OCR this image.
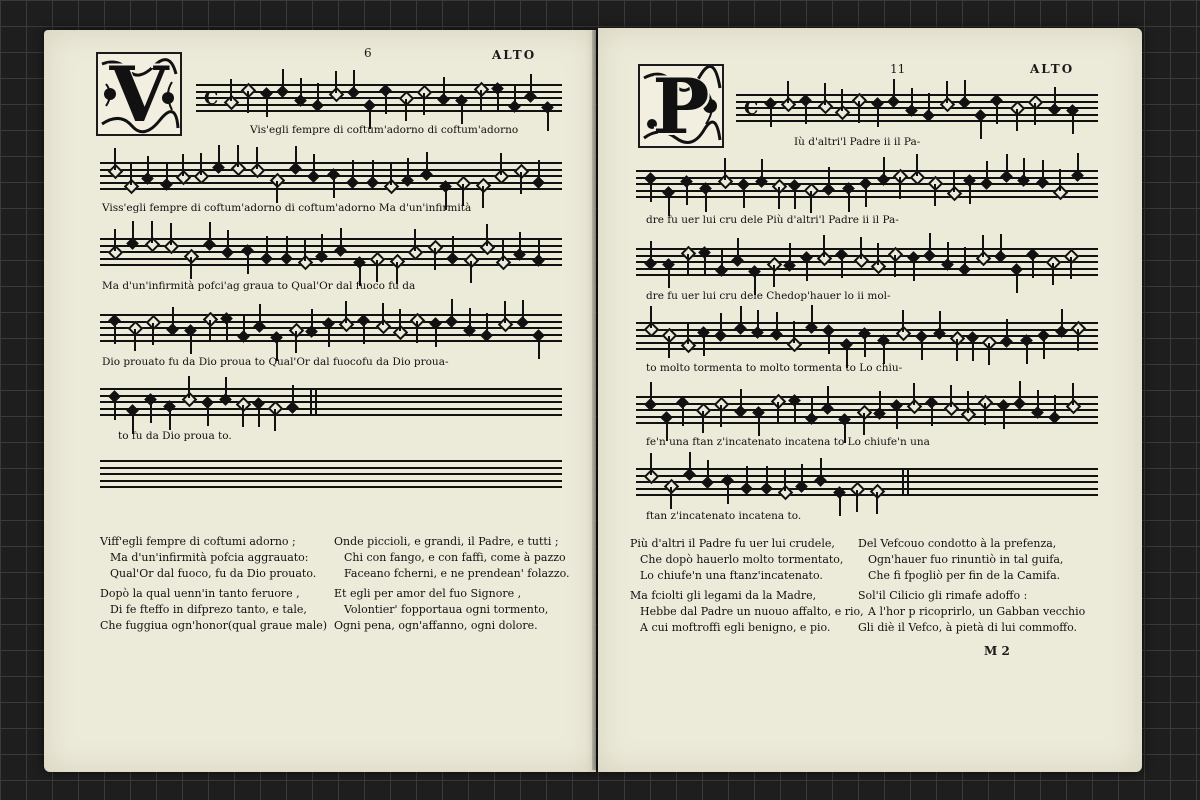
6	ALTO
V	C
Vis'egli fempre di coftum'adorno di coftum'adorno
Viss'egli fempre di coftum'adorno di coftum'adorno Ma d'un'infirmità
Ma d'un'infirmità pofci'ag graua to Qual'Or dal fuoco fu da
Dio prouato fu da Dio proua to Qual'Or dal fuocofu da Dio proua-
to fu da Dio proua to.
Viff'egli fempre di coftumi adorno ;
Ma d'un'infirmità pofcia aggrauato:
Qual'Or dal fuoco, fu da Dio prouato.
Onde piccioli, e grandi, il Padre, e tutti ;
Chi con fango, e con faffi, come à pazzo
Faceano fcherni, e ne prendean' folazzo.
Dopò la qual uenn'in tanto feruore ,
Di fe fteffo in difprezo tanto, e tale,
Che fuggiua ogn'honor(qual graue male)
Et egli per amor del fuo Signore ,
Volontier' fopportaua ogni tormento,
Ogni pena, ogn'affanno, ogni dolore.
11	ALTO
P	C
Iù d'altri'l Padre ii il Pa-
dre fu uer lui cru dele Più d'altri'l Padre ii il Pa-
dre fu uer lui cru dele Chedop'hauer lo ii mol-
to molto tormenta to molto tormenta to Lo chiu-
fe'n una ftan z'incatenato incatena to Lo chiufe'n una
ftan z'incatenato incatena to.
Più d'altri il Padre fu uer lui crudele,
Che dopò hauerlo molto tormentato,
Lo chiufe'n una ftanz'incatenato.
Del Vefcouo condotto à la prefenza,
Ogn'hauer fuo rinuntiò in tal guifa,
Che fi fpogliò per fin de la Camifa.
Ma fciolti gli legami da la Madre,
Hebbe dal Padre un nuouo affalto, e rio,
A cui moftroffi egli benigno, e pio.
Sol'il Cilicio gli rimafe adoffo :
A l'hor p ricoprirlo, un Gabban vecchio
Gli diè il Vefco, à pietà di lui commoffo.
M 2
